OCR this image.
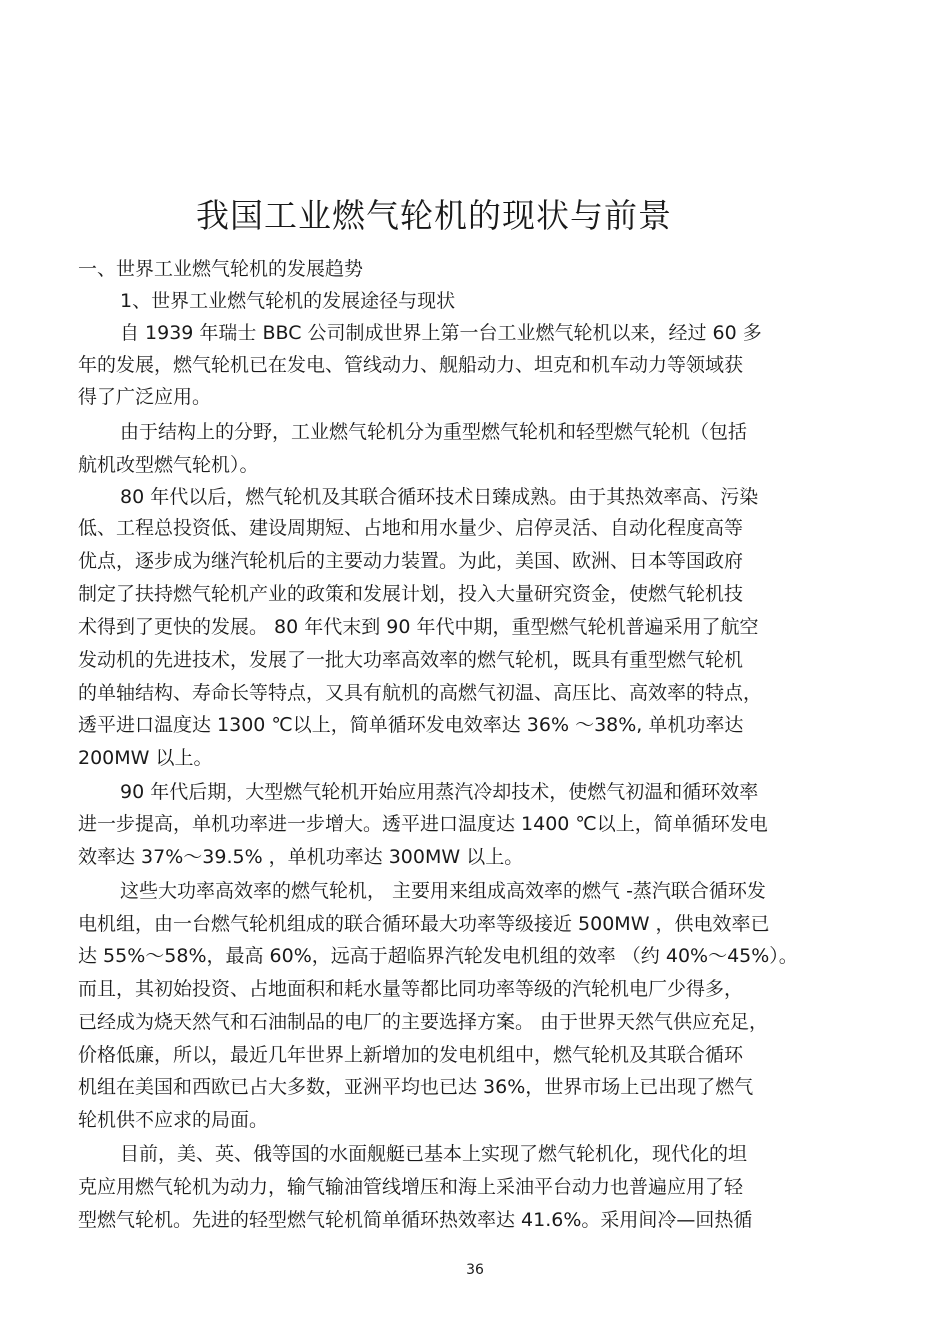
我国工业燃气轮机的现状与前景
一、世界工业燃气轮机的发展趋势
1、世界工业燃气轮机的发展途径与现状
自 1939 年瑞士 BBC 公司制成世界上第一台工业燃气轮机以来，经过 60 多
年的发展，燃气轮机已在发电、管线动力、舰船动力、坦克和机车动力等领域获
得了广泛应用。
由于结构上的分野，工业燃气轮机分为重型燃气轮机和轻型燃气轮机（包括
航机改型燃气轮机）。
80 年代以后，燃气轮机及其联合循环技术日臻成熟。由于其热效率高、污染
低、工程总投资低、建设周期短、占地和用水量少、启停灵活、自动化程度高等
优点，逐步成为继汽轮机后的主要动力装置。为此，美国、欧洲、日本等国政府
制定了扶持燃气轮机产业的政策和发展计划，投入大量研究资金，使燃气轮机技
术得到了更快的发展。 80 年代末到 90 年代中期，重型燃气轮机普遍采用了航空
发动机的先进技术，发展了一批大功率高效率的燃气轮机，既具有重型燃气轮机
的单轴结构、寿命长等特点，又具有航机的高燃气初温、高压比、高效率的特点，
透平进口温度达 1300 ℃以上，简单循环发电效率达 36% ～38%, 单机功率达
200MW 以上。
90 年代后期，大型燃气轮机开始应用蒸汽冷却技术，使燃气初温和循环效率
进一步提高，单机功率进一步增大。透平进口温度达 1400 ℃以上，简单循环发电
效率达 37%～39.5% ，单机功率达 300MW 以上。
这些大功率高效率的燃气轮机， 主要用来组成高效率的燃气 -蒸汽联合循环发
电机组，由一台燃气轮机组成的联合循环最大功率等级接近 500MW ，供电效率已
达 55%～58%，最高 60%，远高于超临界汽轮发电机组的效率 （约 40%～45%）。
而且，其初始投资、占地面积和耗水量等都比同功率等级的汽轮机电厂少得多，
已经成为烧天然气和石油制品的电厂的主要选择方案。 由于世界天然气供应充足，
价格低廉，所以，最近几年世界上新增加的发电机组中，燃气轮机及其联合循环
机组在美国和西欧已占大多数，亚洲平均也已达 36%，世界市场上已出现了燃气
轮机供不应求的局面。
目前，美、英、俄等国的水面舰艇已基本上实现了燃气轮机化，现代化的坦
克应用燃气轮机为动力，输气输油管线增压和海上采油平台动力也普遍应用了轻
型燃气轮机。先进的轻型燃气轮机简单循环热效率达 41.6%。采用间冷—回热循
36
